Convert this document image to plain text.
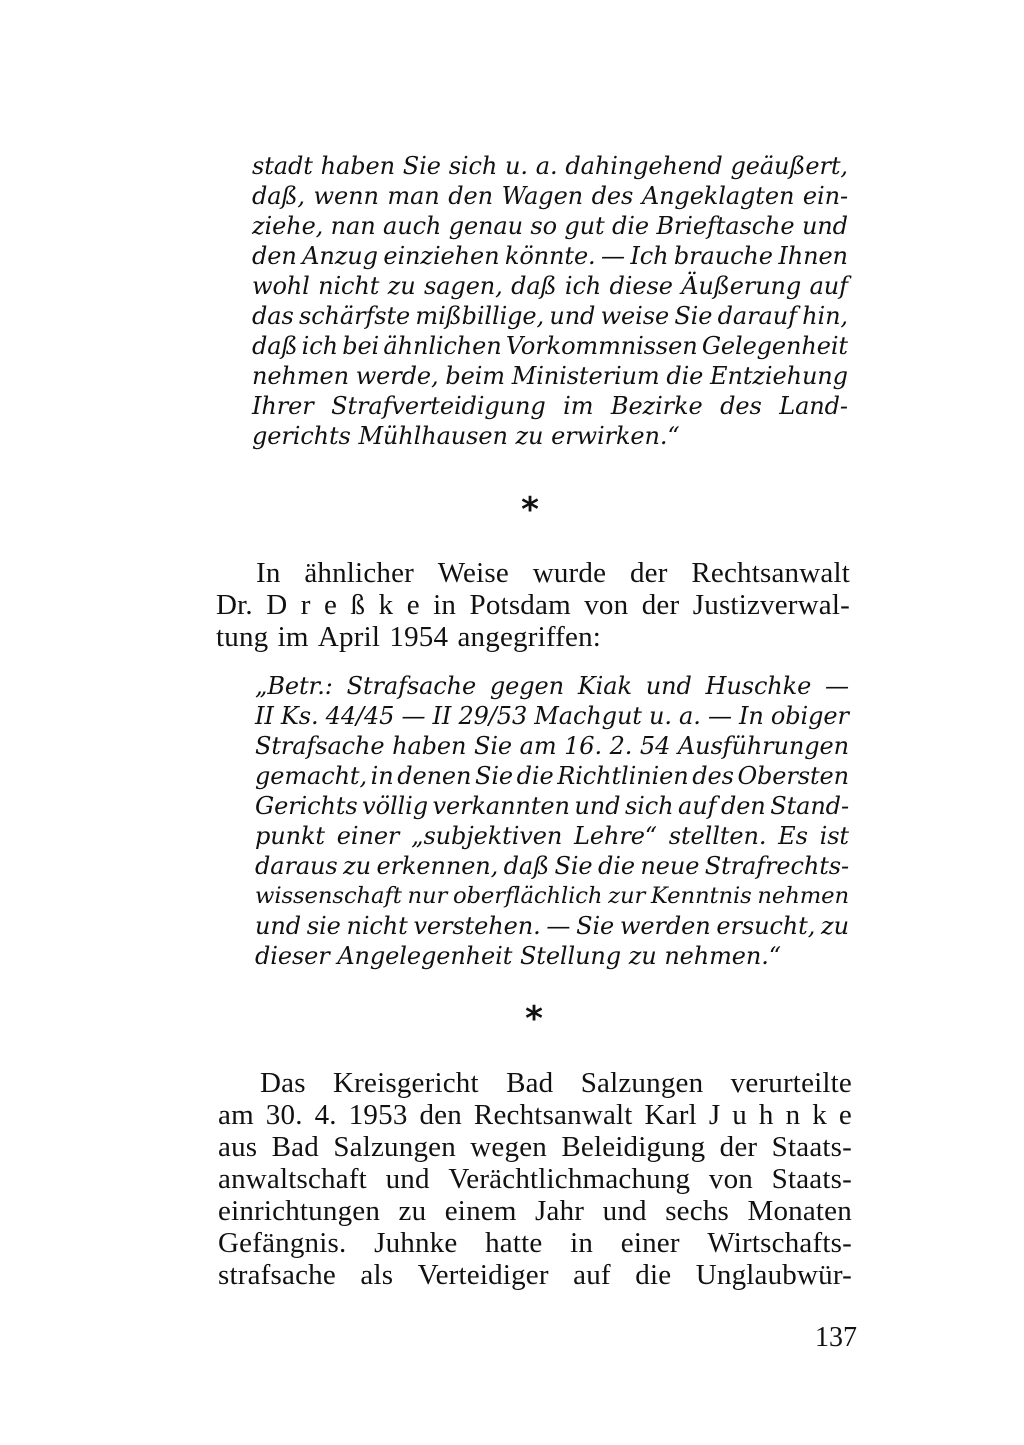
stadt haben Sie sich u. a. dahingehend geäußert,
daß, wenn man den Wagen des Angeklagten ein-
ziehe, nan auch genau so gut die Brieftasche und
den Anzug einziehen könnte. — Ich brauche Ihnen
wohl nicht zu sagen, daß ich diese Äußerung auf
das schärfste mißbillige, und weise Sie darauf hin,
daß ich bei ähnlichen Vorkommnissen Gelegenheit
nehmen werde, beim Ministerium die Entziehung
Ihrer Strafverteidigung im Bezirke des Land-
gerichts Mühlhausen zu erwirken.“
*
In ähnlicher Weise wurde der Rechtsanwalt
Dr. D r e ß k e in Potsdam von der Justizverwal-
tung im April 1954 angegriffen:
„Betr.: Strafsache gegen Kiak und Huschke —
II Ks. 44/45 — II 29/53 Machgut u. a. — In obiger
Strafsache haben Sie am 16. 2. 54 Ausführungen
gemacht, in denen Sie die Richtlinien des Obersten
Gerichts völlig verkannten und sich auf den Stand-
punkt einer „subjektiven Lehre“ stellten. Es ist
daraus zu erkennen, daß Sie die neue Strafrechts-
wissenschaft nur oberflächlich zur Kenntnis nehmen
und sie nicht verstehen. — Sie werden ersucht, zu
dieser Angelegenheit Stellung zu nehmen.“
*
Das Kreisgericht Bad Salzungen verurteilte
am 30. 4. 1953 den Rechtsanwalt Karl J u h n k e
aus Bad Salzungen wegen Beleidigung der Staats-
anwaltschaft und Verächtlichmachung von Staats-
einrichtungen zu einem Jahr und sechs Monaten
Gefängnis. Juhnke hatte in einer Wirtschafts-
strafsache als Verteidiger auf die Unglaubwür-
137
